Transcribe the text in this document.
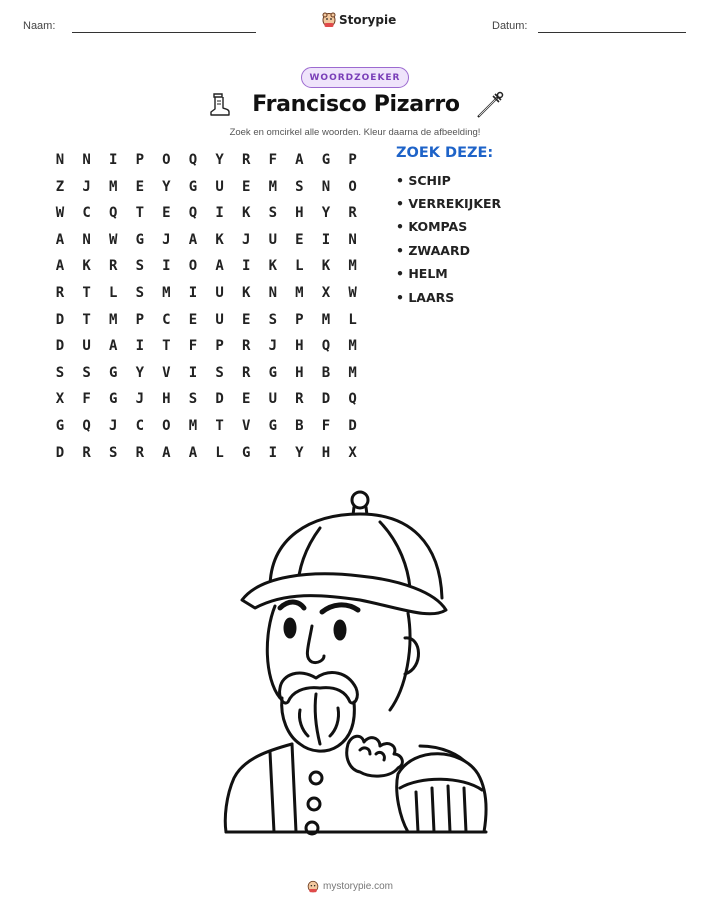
Naam:	Storypie	Datum:
WOORDZOEKER
Francisco Pizarro
Zoek en omcirkel alle woorden. Kleur daarna de afbeelding!
N	N	I	P	O	Q	Y	R	F	A	G	P
Z	J	M	E	Y	G	U	E	M	S	N	O
W	C	Q	T	E	Q	I	K	S	H	Y	R
A	N	W	G	J	A	K	J	U	E	I	N
A	K	R	S	I	O	A	I	K	L	K	M
R	T	L	S	M	I	U	K	N	M	X	W
D	T	M	P	C	E	U	E	S	P	M	L
D	U	A	I	T	F	P	R	J	H	Q	M
S	S	G	Y	V	I	S	R	G	H	B	M
X	F	G	J	H	S	D	E	U	R	D	Q
G	Q	J	C	O	M	T	V	G	B	F	D
D	R	S	R	A	A	L	G	I	Y	H	X
ZOEK DEZE:
• SCHIP
• VERREKIJKER
• KOMPAS
• ZWAARD
• HELM
• LAARS
mystorypie.com
